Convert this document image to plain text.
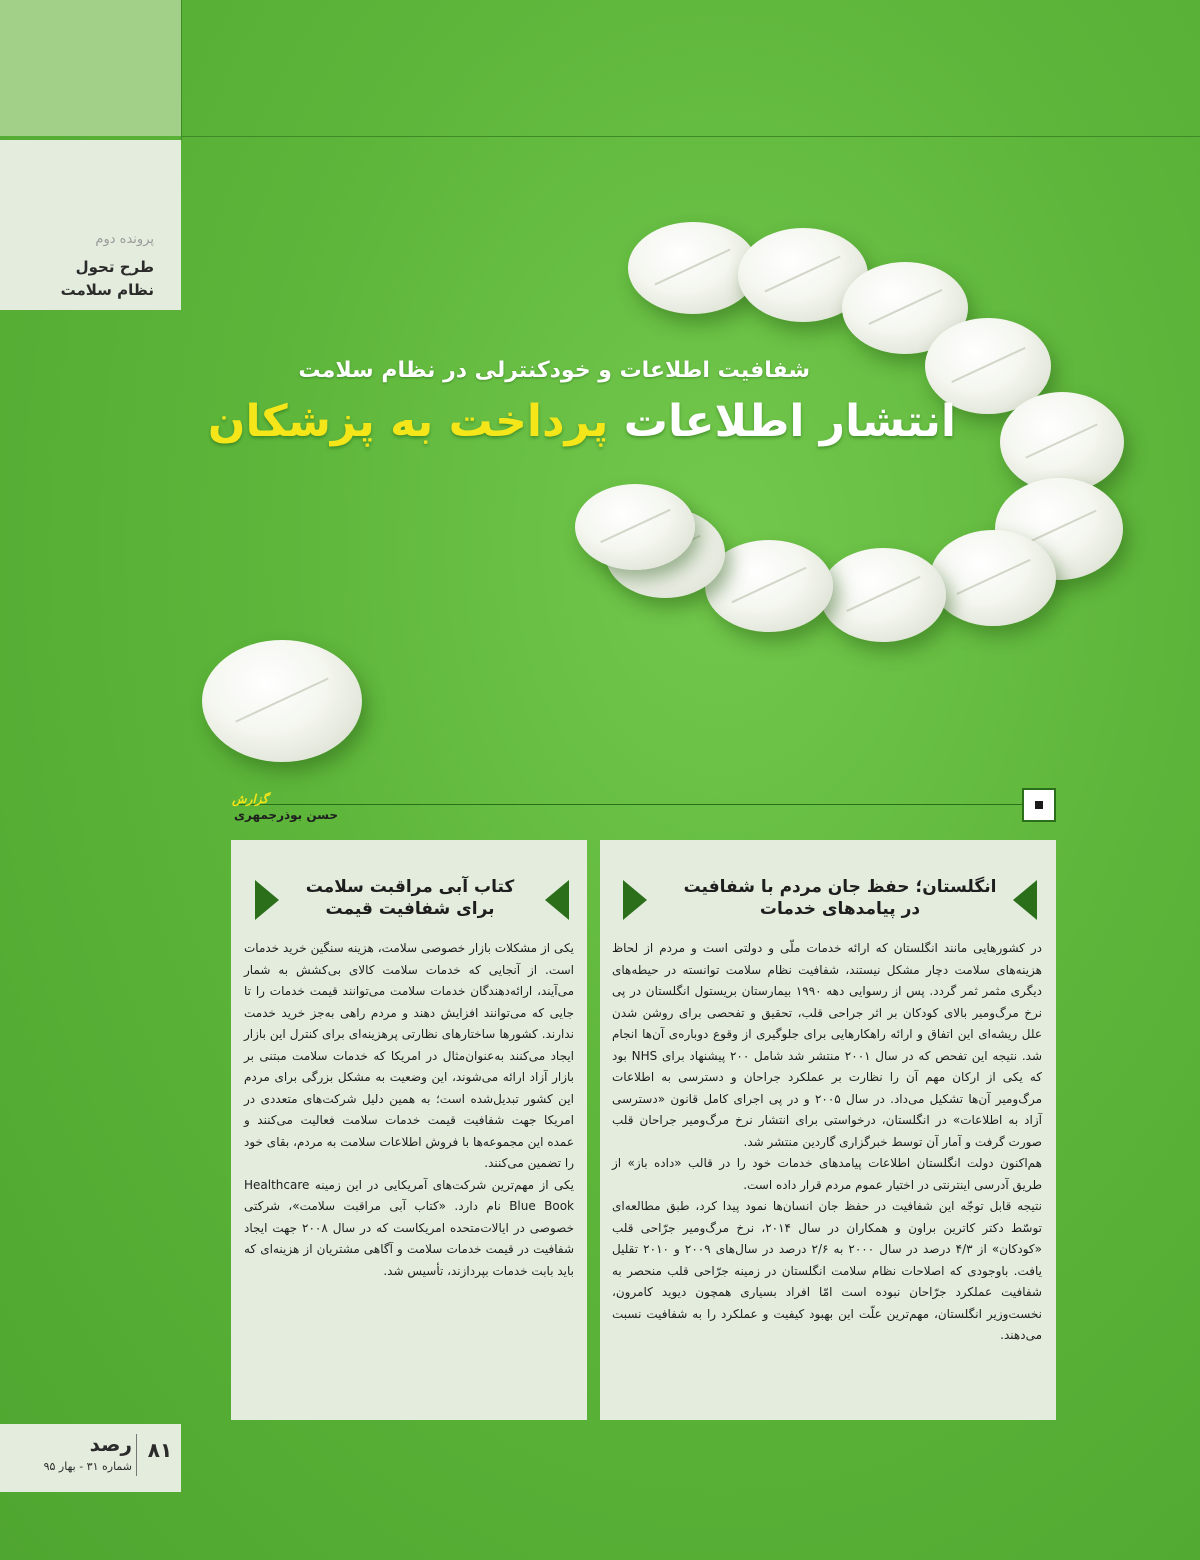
پرونده دوم
طرح تحول
نظام سلامت
شفافیت اطلاعات و خودکنترلی در نظام سلامت
انتشار اطلاعات پرداخت به پزشکان
گزارش
حسن بوذرجمهری
کتاب آبی مراقبت سلامت
برای شفافیت قیمت
انگلستان؛ حفظ جان مردم با شفافیت
در پیامدهای خدمات

یکی از مشکلات بازار خصوصی سلامت، هزینه سنگین خرید خدمات است. از آنجایی که خدمات سلامت کالای بی‌کشش به شمار می‌آیند، ارائه‌دهندگان خدمات سلامت می‌توانند قیمت خدمات را تا جایی که می‌توانند افزایش دهند و مردم راهی به‌جز خرید خدمت ندارند. کشورها ساختارهای نظارتی پرهزینه‌ای برای کنترل این بازار ایجاد می‌کنند به‌عنوان‌مثال در امریکا که خدمات سلامت مبتنی بر بازار آزاد ارائه می‌شوند، این وضعیت به مشکل بزرگی برای مردم این کشور تبدیل‌شده است؛ به همین دلیل شرکت‌های متعددی در امریکا جهت شفافیت قیمت خدمات سلامت فعالیت می‌کنند و عمده این مجموعه‌ها با فروش اطلاعات سلامت به مردم، بقای خود را تضمین می‌کنند.

یکی از مهم‌ترین شرکت‌های آمریکایی در این زمینه Healthcare Blue Book نام دارد. «کتاب آبی مراقبت سلامت»، شرکتی خصوصی در ایالات‌متحده امریکاست که در سال ۲۰۰۸ جهت ایجاد شفافیت در قیمت خدمات سلامت و آگاهی مشتریان از هزینه‌ای که باید بابت خدمات بپردازند، تأسیس شد.

در کشورهایی مانند انگلستان که ارائه خدمات ملّی و دولتی است و مردم از لحاظ هزینه‌های سلامت دچار مشکل نیستند، شفافیت نظام سلامت توانسته در حیطه‌های دیگری مثمر ثمر گردد. پس از رسوایی دهه ۱۹۹۰ بیمارستان بریستول انگلستان در پی نرخ مرگ‌ومیر بالای کودکان بر اثر جراحی قلب، تحقیق و تفحصی برای روشن شدن علل ریشه‌ای این اتفاق و ارائه راهکارهایی برای جلوگیری از وقوع دوباره‌ی آن‌ها انجام شد. نتیجه این تفحص که در سال ۲۰۰۱ منتشر شد شامل ۲۰۰ پیشنهاد برای NHS بود که یکی از ارکان مهم آن را نظارت بر عملکرد جراحان و دسترسی به اطلاعات مرگ‌ومیر آن‌ها تشکیل می‌داد. در سال ۲۰۰۵ و در پی اجرای کامل قانون «دسترسی آزاد به اطلاعات» در انگلستان، درخواستی برای انتشار نرخ مرگ‌ومیر جراحان قلب صورت گرفت و آمار آن توسط خبرگزاری گاردین منتشر شد.

هم‌اکنون دولت انگلستان اطلاعات پیامدهای خدمات خود را در قالب «داده باز» از طریق آدرسی اینترنتی در اختیار عموم مردم قرار داده است.

نتیجه قابل توجّه این شفافیت در حفظ جان انسان‌ها نمود پیدا کرد، طبق مطالعه‌ای توسّط دکتر کاترین براون و همکاران در سال ۲۰۱۴، نرخ مرگ‌ومیر جرّاحی قلب «کودکان» از ۴/۳ درصد در سال ۲۰۰۰ به ۲/۶ درصد در سال‌های ۲۰۰۹ و ۲۰۱۰ تقلیل یافت. باوجودی که اصلاحات نظام سلامت انگلستان در زمینه جرّاحی قلب منحصر به شفافیت عملکرد جرّاحان نبوده است امّا افراد بسیاری همچون دیوید کامرون، نخست‌وزیر انگلستان، مهم‌ترین علّت این بهبود کیفیت و عملکرد را به شفافیت نسبت می‌دهند.

۸۱
رصد
شماره ۳۱ - بهار ۹۵
